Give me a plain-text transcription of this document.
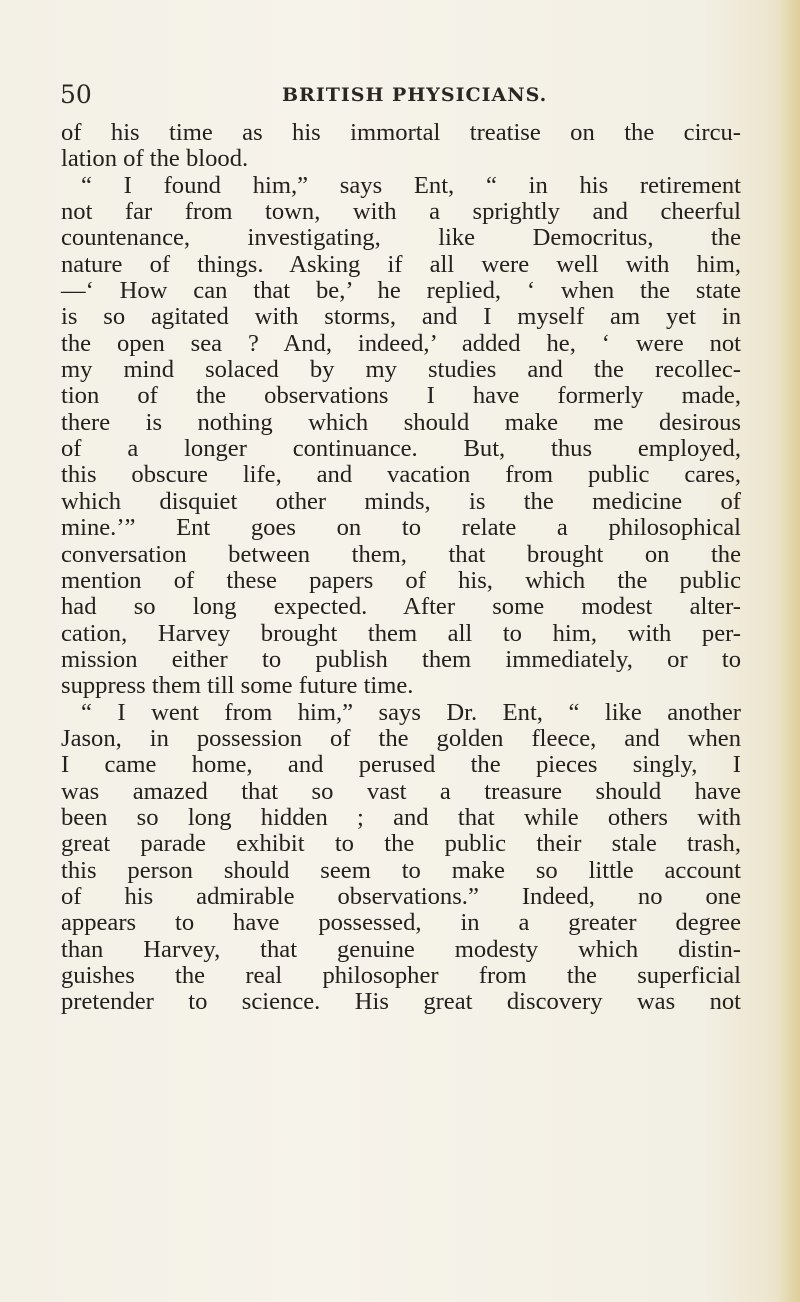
50	BRITISH PHYSICIANS.
of his time as his immortal treatise on the circu-
lation of the blood.
“ I found him,” says Ent, “ in his retirement
not far from town, with a sprightly and cheerful
countenance, investigating, like Democritus, the
nature of things. Asking if all were well with him,
—‘ How can that be,’ he replied, ‘ when the state
is so agitated with storms, and I myself am yet in
the open sea ? And, indeed,’ added he, ‘ were not
my mind solaced by my studies and the recollec-
tion of the observations I have formerly made,
there is nothing which should make me desirous
of a longer continuance. But, thus employed,
this obscure life, and vacation from public cares,
which disquiet other minds, is the medicine of
mine.’” Ent goes on to relate a philosophical
conversation between them, that brought on the
mention of these papers of his, which the public
had so long expected. After some modest alter-
cation, Harvey brought them all to him, with per-
mission either to publish them immediately, or to
suppress them till some future time.
“ I went from him,” says Dr. Ent, “ like another
Jason, in possession of the golden fleece, and when
I came home, and perused the pieces singly, I
was amazed that so vast a treasure should have
been so long hidden ; and that while others with
great parade exhibit to the public their stale trash,
this person should seem to make so little account
of his admirable observations.” Indeed, no one
appears to have possessed, in a greater degree
than Harvey, that genuine modesty which distin-
guishes the real philosopher from the superficial
pretender to science. His great discovery was not
